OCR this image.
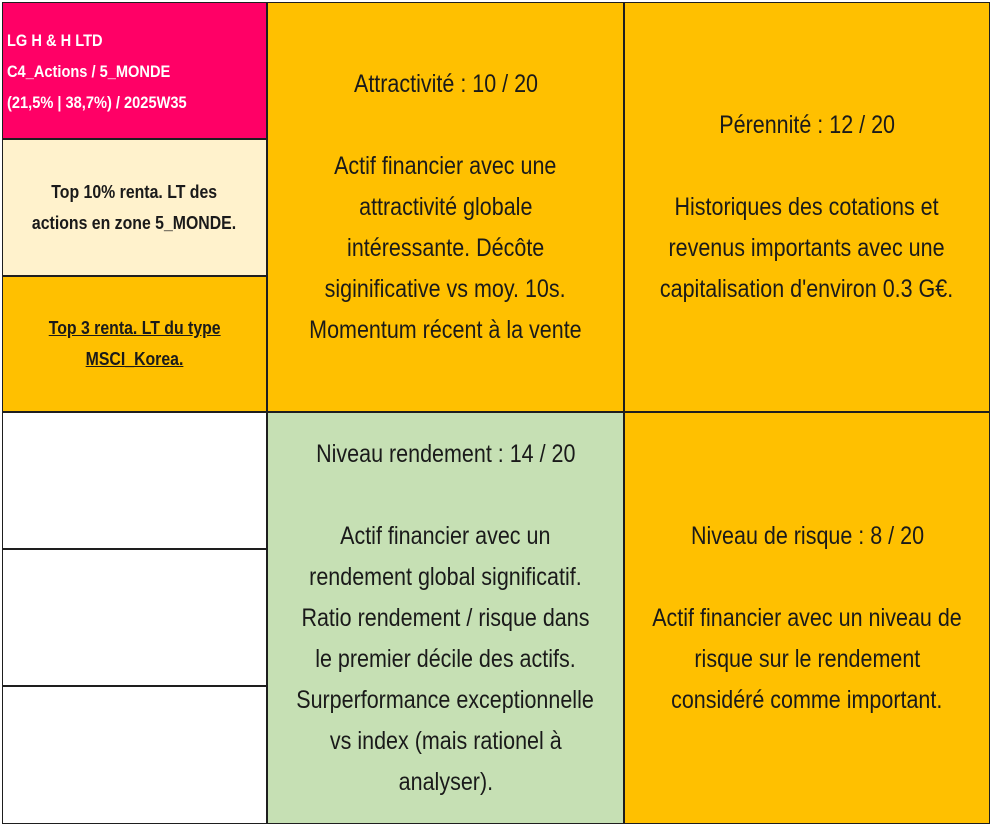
LG H & H LTD
C4_Actions / 5_MONDE
(21,5% | 38,7%) / 2025W35
Top 10% renta. LT des
actions en zone 5_MONDE.
Top 3 renta. LT du type
MSCI_Korea.
Attractivité : 10 / 20
Actif financier avec une
attractivité globale
intéressante. Décôte
siginificative vs moy. 10s.
Momentum récent à la vente
Pérennité : 12 / 20
Historiques des cotations et
revenus importants avec une
capitalisation d'environ 0.3 G€.
Niveau rendement : 14 / 20
Actif financier avec un
rendement global significatif.
Ratio rendement / risque dans
le premier décile des actifs.
Surperformance exceptionnelle
vs index (mais rationel à
analyser).
Niveau de risque : 8 / 20
Actif financier avec un niveau de
risque sur le rendement
considéré comme important.
